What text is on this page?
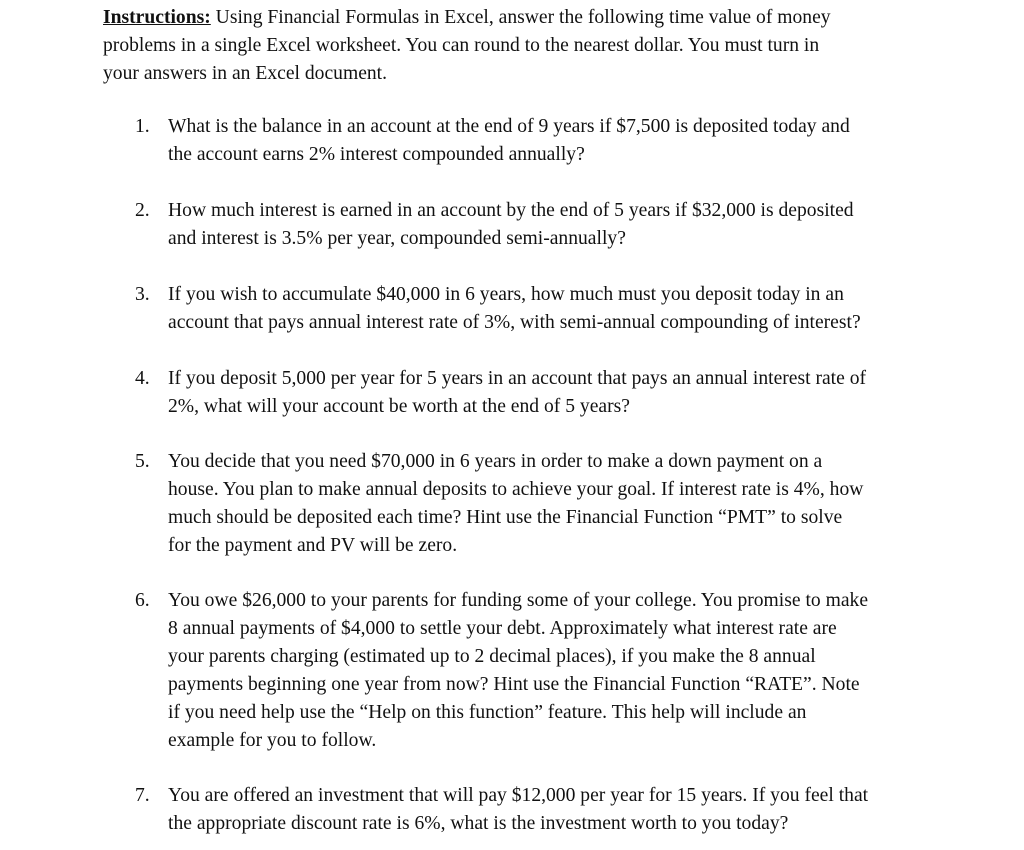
Instructions: Using Financial Formulas in Excel, answer the following time value of money
problems in a single Excel worksheet. You can round to the nearest dollar. You must turn in
your answers in an Excel document.
1. What is the balance in an account at the end of 9 years if $7,500 is deposited today and
the account earns 2% interest compounded annually?
2. How much interest is earned in an account by the end of 5 years if $32,000 is deposited
and interest is 3.5% per year, compounded semi-annually?
3. If you wish to accumulate $40,000 in 6 years, how much must you deposit today in an
account that pays annual interest rate of 3%, with semi-annual compounding of interest?
4. If you deposit 5,000 per year for 5 years in an account that pays an annual interest rate of
2%, what will your account be worth at the end of 5 years?
5. You decide that you need $70,000 in 6 years in order to make a down payment on a
house. You plan to make annual deposits to achieve your goal. If interest rate is 4%, how
much should be deposited each time? Hint use the Financial Function “PMT” to solve
for the payment and PV will be zero.
6. You owe $26,000 to your parents for funding some of your college. You promise to make
8 annual payments of $4,000 to settle your debt. Approximately what interest rate are
your parents charging (estimated up to 2 decimal places), if you make the 8 annual
payments beginning one year from now? Hint use the Financial Function “RATE”. Note
if you need help use the “Help on this function” feature. This help will include an
example for you to follow.
7. You are offered an investment that will pay $12,000 per year for 15 years. If you feel that
the appropriate discount rate is 6%, what is the investment worth to you today?
